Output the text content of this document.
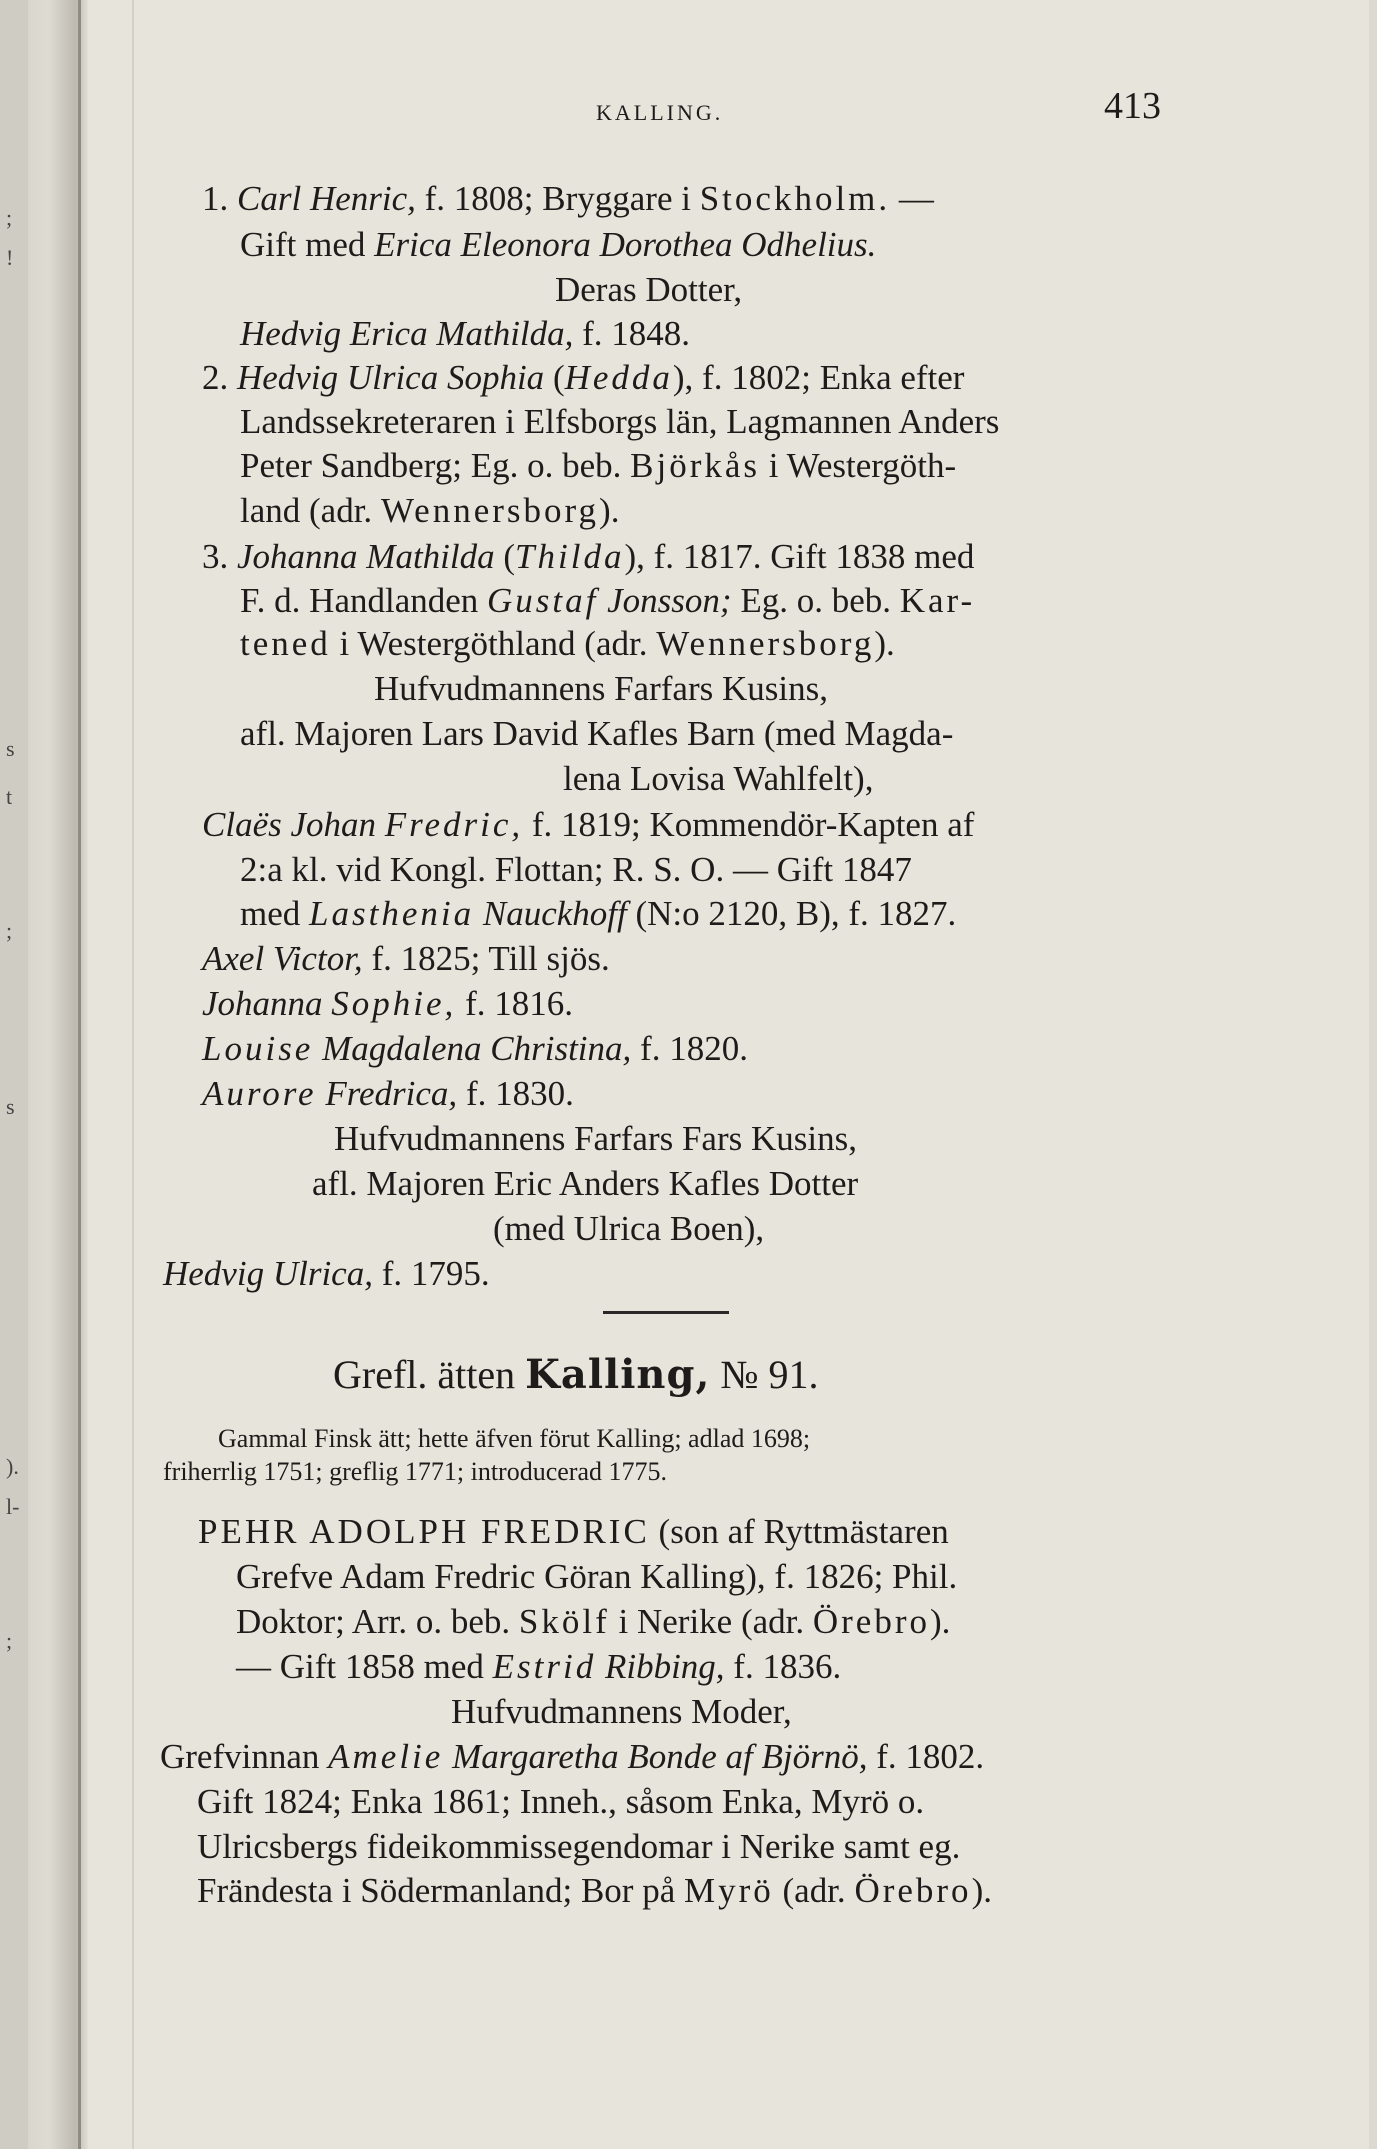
;
!
s
t
;
s
).
l-
;
KALLING.	413
1. Carl Henric, f. 1808; Bryggare i Stockholm. —
Gift med Erica Eleonora Dorothea Odhelius.
Deras Dotter,
Hedvig Erica Mathilda, f. 1848.
2. Hedvig Ulrica Sophia (Hedda), f. 1802; Enka efter
Landssekreteraren i Elfsborgs län, Lagmannen Anders
Peter Sandberg; Eg. o. beb. Björkås i Westergöth-
land (adr. Wennersborg).
3. Johanna Mathilda (Thilda), f. 1817. Gift 1838 med
F. d. Handlanden Gustaf Jonsson; Eg. o. beb. Kar-
tened i Westergöthland (adr. Wennersborg).
Hufvudmannens Farfars Kusins,
afl. Majoren Lars David Kafles Barn (med Magda-
lena Lovisa Wahlfelt),
Claës Johan Fredric, f. 1819; Kommendör-Kapten af
2:a kl. vid Kongl. Flottan; R. S. O. — Gift 1847
med Lasthenia Nauckhoff (N:o 2120, B), f. 1827.
Axel Victor, f. 1825; Till sjös.
Johanna Sophie, f. 1816.
Louise Magdalena Christina, f. 1820.
Aurore Fredrica, f. 1830.
Hufvudmannens Farfars Fars Kusins,
afl. Majoren Eric Anders Kafles Dotter
(med Ulrica Boen),
Hedvig Ulrica, f. 1795.
Grefl. ätten Kalling, № 91.
Gammal Finsk ätt; hette äfven förut Kalling; adlad 1698;
friherrlig 1751; greflig 1771; introducerad 1775.
PEHR ADOLPH FREDRIC (son af Ryttmästaren
Grefve Adam Fredric Göran Kalling), f. 1826; Phil.
Doktor; Arr. o. beb. Skölf i Nerike (adr. Örebro).
— Gift 1858 med Estrid Ribbing, f. 1836.
Hufvudmannens Moder,
Grefvinnan Amelie Margaretha Bonde af Björnö, f. 1802.
Gift 1824; Enka 1861; Inneh., såsom Enka, Myrö o.
Ulricsbergs fideikommissegendomar i Nerike samt eg.
Frändesta i Södermanland; Bor på Myrö (adr. Örebro).
